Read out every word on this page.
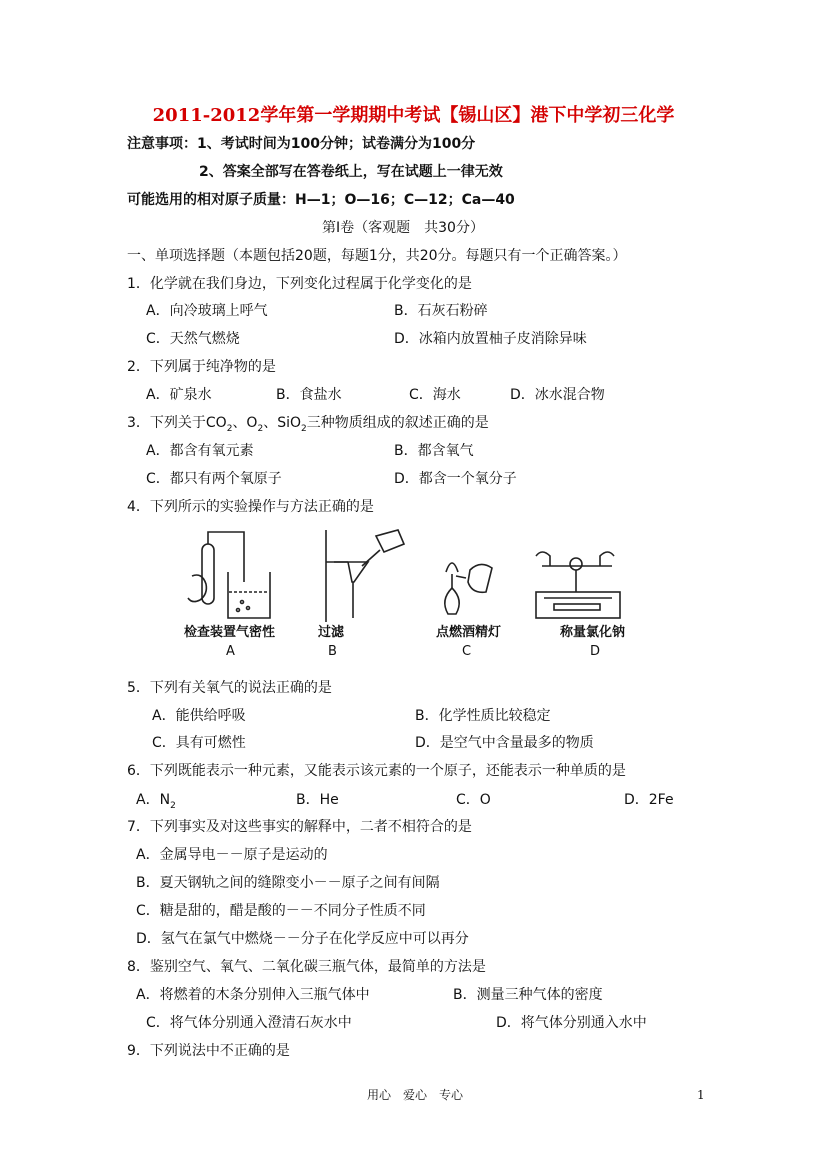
2011-2012学年第一学期期中考试【锡山区】港下中学初三化学
注意事项：1、考试时间为100分钟；试卷满分为100分
2、答案全部写在答卷纸上，写在试题上一律无效
可能选用的相对原子质量：H—1；O—16；C—12；Ca—40
第Ⅰ卷（客观题　共30分）
一、单项选择题（本题包括20题，每题1分，共20分。每题只有一个正确答案。）
1．化学就在我们身边，下列变化过程属于化学变化的是
A．向冷玻璃上呼气	B．石灰石粉碎
C．天然气燃烧	D．冰箱内放置柚子皮消除异味
2．下列属于纯净物的是
A．矿泉水	B．食盐水	C．海水	D．冰水混合物
3．下列关于$CO_2$、$O_2$、SiO$_2$三种物质组成的叙述正确的是
A．都含有氧元素	B．都含氧气
C．都只有两个氧原子	D．都含一个氧分子
4．下列所示的实验操作与方法正确的是
检查装置气密性	过滤	点燃酒精灯	称量氯化钠
A	B	C	D
5．下列有关氧气的说法正确的是
A．能供给呼吸	B．化学性质比较稳定
C．具有可燃性	D．是空气中含量最多的物质
6．下列既能表示一种元素，又能表示该元素的一个原子，还能表示一种单质的是
A．$N_2$	B．He	C．O	D．2Fe
7．下列事实及对这些事实的解释中，二者不相符合的是
A．金属导电－－原子是运动的
B．夏天钢轨之间的缝隙变小－－原子之间有间隔
C．糖是甜的，醋是酸的－－不同分子性质不同
D．氢气在氯气中燃烧－－分子在化学反应中可以再分
8．鉴别空气、氧气、二氧化碳三瓶气体，最简单的方法是
A．将燃着的木条分别伸入三瓶气体中	B．测量三种气体的密度
C．将气体分别通入澄清石灰水中	D．将气体分别通入水中
9．下列说法中不正确的是
用心　爱心　专心	1
